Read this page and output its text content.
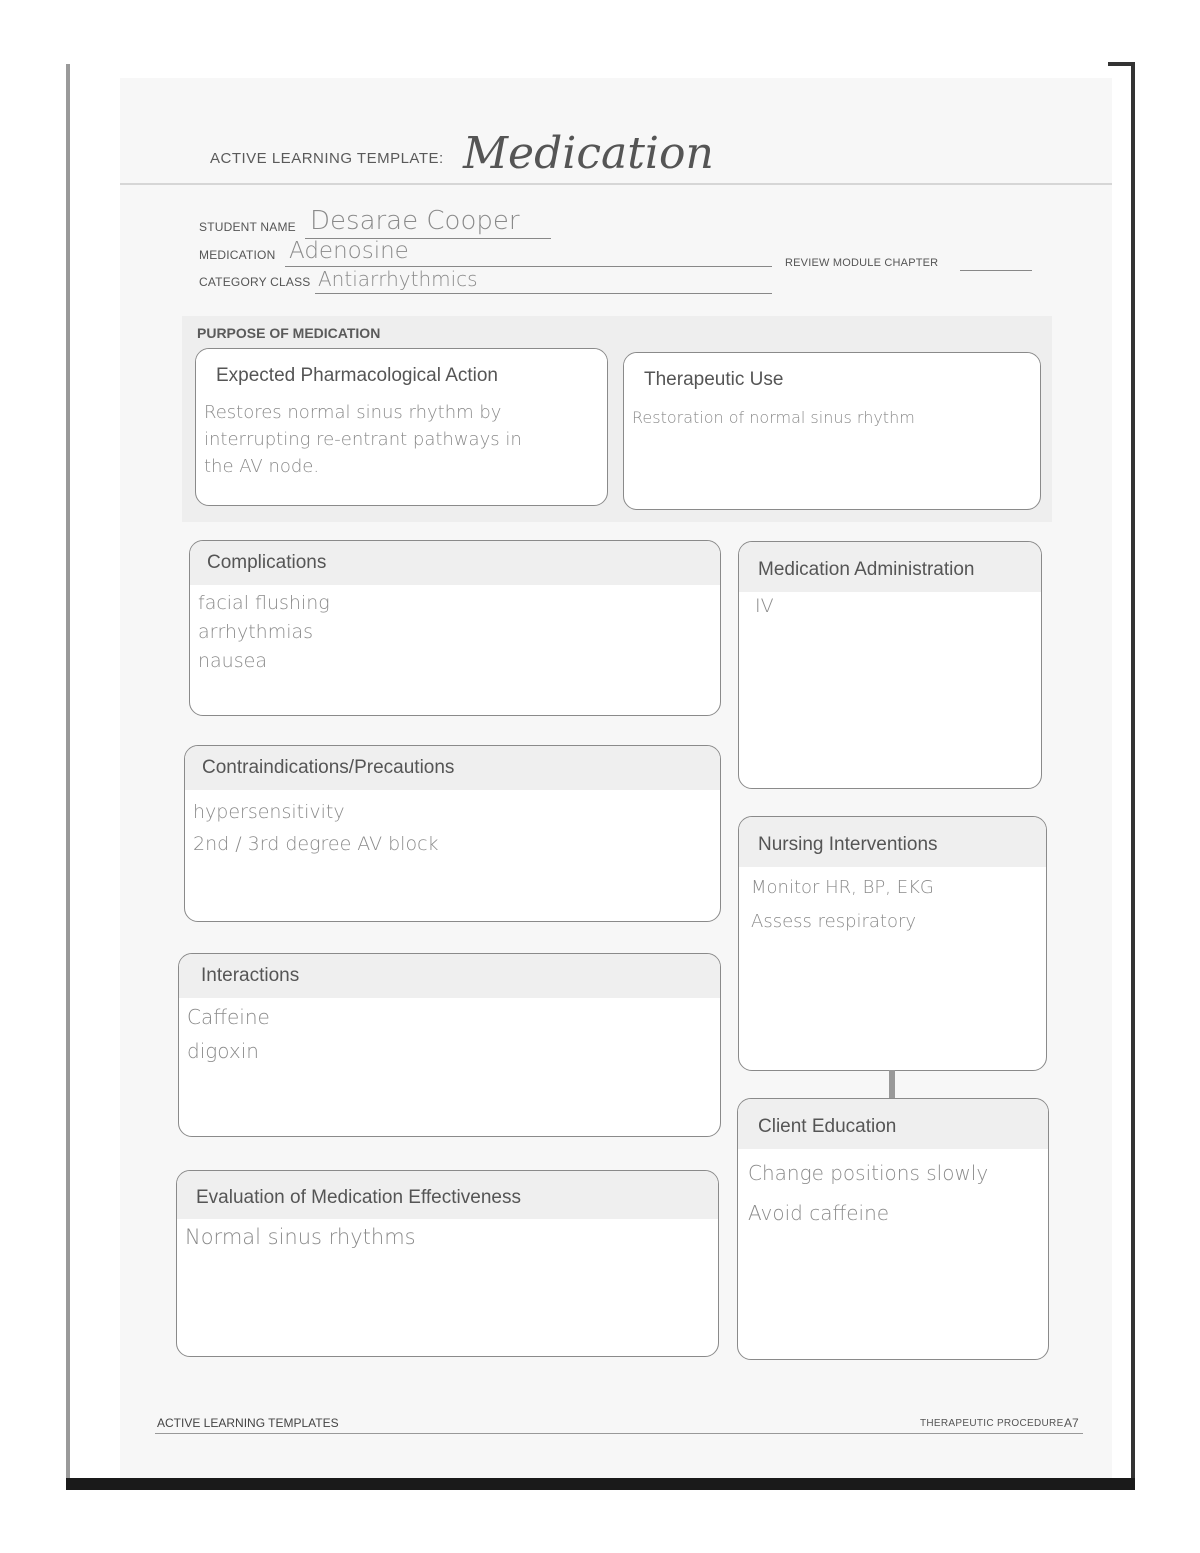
ACTIVE LEARNING TEMPLATE: Medication
STUDENT NAME Desarae Cooper
MEDICATION Adenosine	REVIEW MODULE CHAPTER
CATEGORY CLASS Antiarrhythmics
PURPOSE OF MEDICATION
Expected Pharmacological Action
Restores normal sinus rhythm by
interrupting re-entrant pathways in
the AV node.
Therapeutic Use
Restoration of normal sinus rhythm
Complications
facial flushing
arrhythmias
nausea
Contraindications/Precautions
hypersensitivity
2nd / 3rd degree AV block
Interactions
Caffeine
digoxin
Evaluation of Medication Effectiveness
Normal sinus rhythms
Medication Administration
IV
Nursing Interventions
Monitor HR, BP, EKG
Assess respiratory
Client Education
Change positions slowly
Avoid caffeine
ACTIVE LEARNING TEMPLATES	THERAPEUTIC PROCEDURE A7
